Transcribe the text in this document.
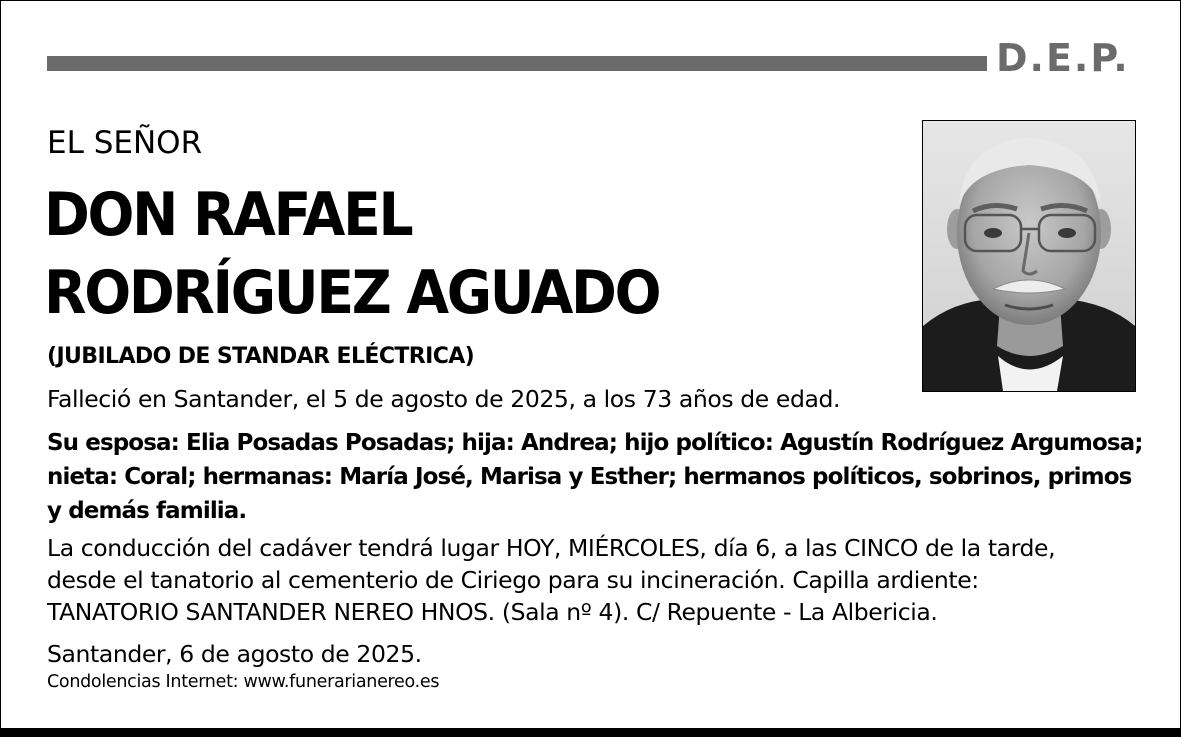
D.E.P.
EL SEÑOR
DON RAFAEL
RODRÍGUEZ AGUADO
(JUBILADO DE STANDAR ELÉCTRICA)
Falleció en Santander, el 5 de agosto de 2025, a los 73 años de edad.
Su esposa: Elia Posadas Posadas; hija: Andrea; hijo político: Agustín Rodríguez Argumosa;
nieta: Coral; hermanas: María José, Marisa y Esther; hermanos políticos, sobrinos, primos
y demás familia.
La conducción del cadáver tendrá lugar HOY, MIÉRCOLES, día 6, a las CINCO de la tarde,
desde el tanatorio al cementerio de Ciriego para su incineración. Capilla ardiente:
TANATORIO SANTANDER NEREO HNOS. (Sala nº 4). C/ Repuente - La Albericia.
Santander, 6 de agosto de 2025.
Condolencias Internet: www.funerarianereo.es
